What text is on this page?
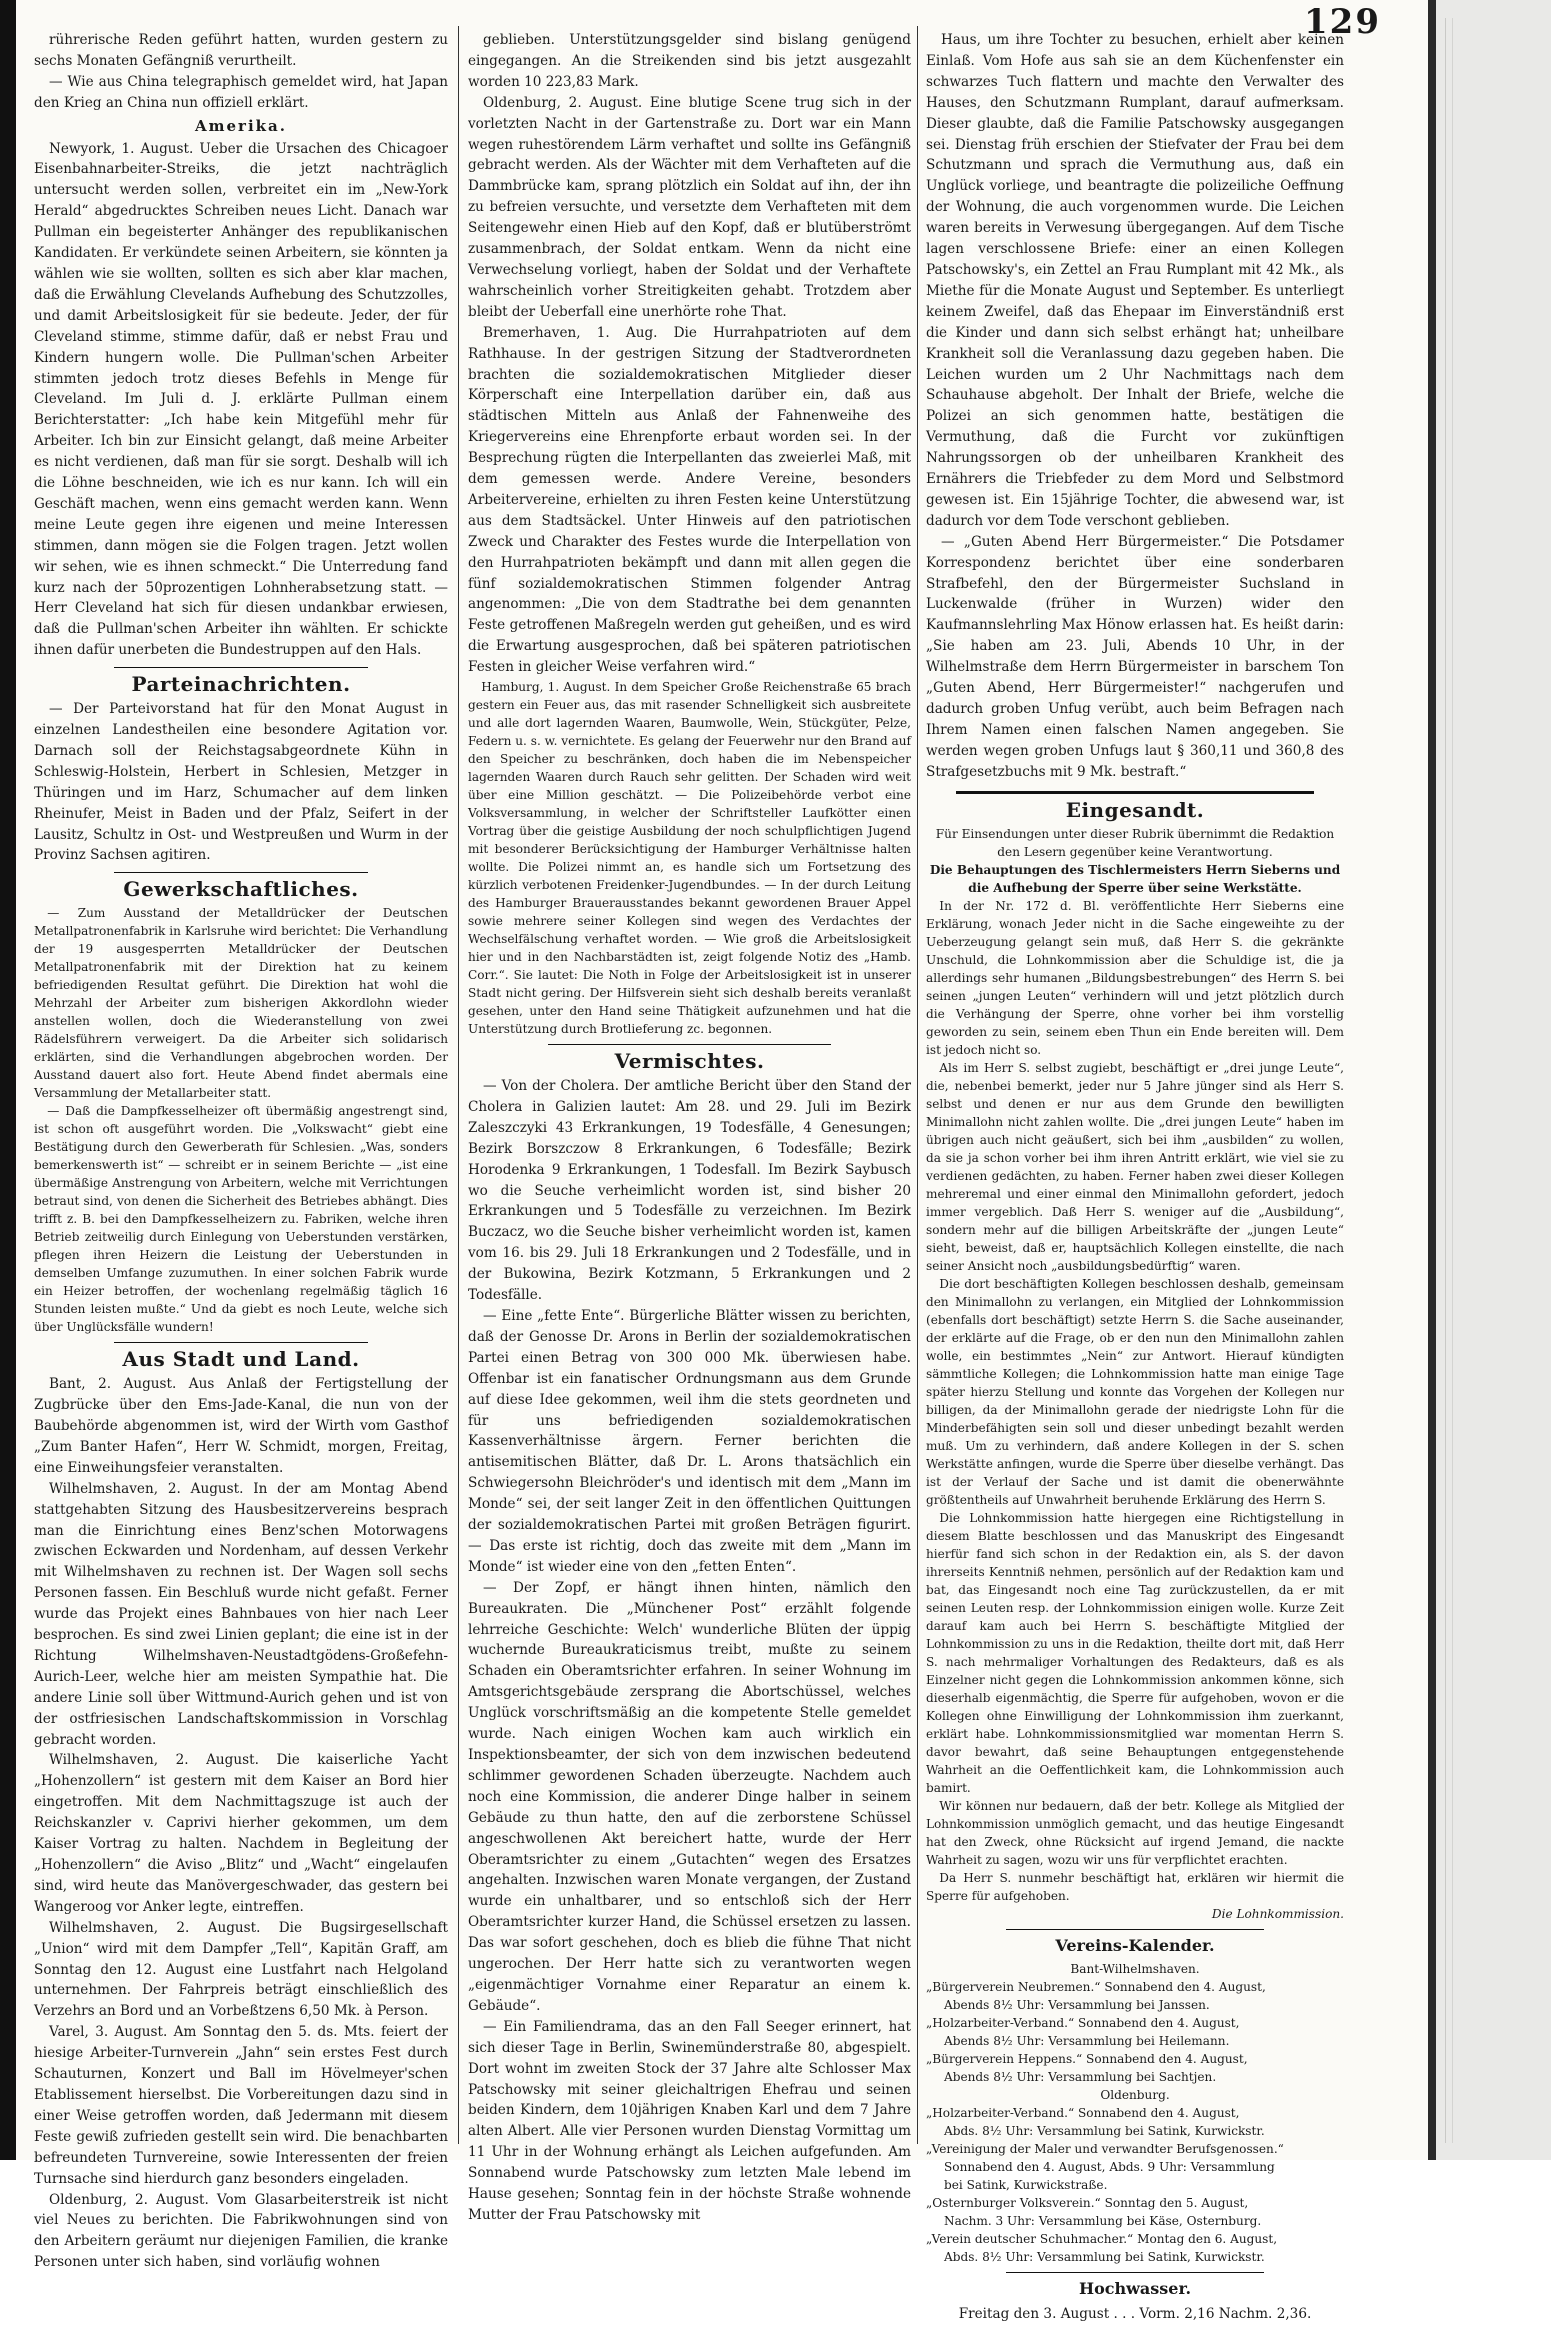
129

rührerische Reden geführt hatten, wurden gestern zu sechs Monaten Gefängniß verurtheilt.

— Wie aus China telegraphisch gemeldet wird, hat Japan den Krieg an China nun offiziell erklärt.

Amerika.

Newyork, 1. August. Ueber die Ursachen des Chicagoer Eisenbahnarbeiter-Streiks, die jetzt nachträglich untersucht werden sollen, verbreitet ein im „New-York Herald“ abgedrucktes Schreiben neues Licht. Danach war Pullman ein begeisterter Anhänger des republikanischen Kandidaten. Er verkündete seinen Arbeitern, sie könnten ja wählen wie sie wollten, sollten es sich aber klar machen, daß die Erwählung Clevelands Aufhebung des Schutzzolles, und damit Arbeitslosigkeit für sie bedeute. Jeder, der für Cleveland stimme, stimme dafür, daß er nebst Frau und Kindern hungern wolle. Die Pullman'schen Arbeiter stimmten jedoch trotz dieses Befehls in Menge für Cleveland. Im Juli d. J. erklärte Pullman einem Berichterstatter: „Ich habe kein Mitgefühl mehr für Arbeiter. Ich bin zur Einsicht gelangt, daß meine Arbeiter es nicht verdienen, daß man für sie sorgt. Deshalb will ich die Löhne beschneiden, wie ich es nur kann. Ich will ein Geschäft machen, wenn eins gemacht werden kann. Wenn meine Leute gegen ihre eigenen und meine Interessen stimmen, dann mögen sie die Folgen tragen. Jetzt wollen wir sehen, wie es ihnen schmeckt.“ Die Unterredung fand kurz nach der 50prozentigen Lohnherabsetzung statt. — Herr Cleveland hat sich für diesen undankbar erwiesen, daß die Pullman'schen Arbeiter ihn wählten. Er schickte ihnen dafür unerbeten die Bundestruppen auf den Hals.

Parteinachrichten.

— Der Parteivorstand hat für den Monat August in einzelnen Landestheilen eine besondere Agitation vor. Darnach soll der Reichstagsabgeordnete Kühn in Schleswig-Holstein, Herbert in Schlesien, Metzger in Thüringen und im Harz, Schumacher auf dem linken Rheinufer, Meist in Baden und der Pfalz, Seifert in der Lausitz, Schultz in Ost- und Westpreußen und Wurm in der Provinz Sachsen agitiren.

Gewerkschaftliches.

— Zum Ausstand der Metalldrücker der Deutschen Metallpatronenfabrik in Karlsruhe wird berichtet: Die Verhandlung der 19 ausgesperrten Metalldrücker der Deutschen Metallpatronenfabrik mit der Direktion hat zu keinem befriedigenden Resultat geführt. Die Direktion hat wohl die Mehrzahl der Arbeiter zum bisherigen Akkordlohn wieder anstellen wollen, doch die Wiederanstellung von zwei Rädelsführern verweigert. Da die Arbeiter sich solidarisch erklärten, sind die Verhandlungen abgebrochen worden. Der Ausstand dauert also fort. Heute Abend findet abermals eine Versammlung der Metallarbeiter statt.

— Daß die Dampfkesselheizer oft übermäßig angestrengt sind, ist schon oft ausgeführt worden. Die „Volkswacht“ giebt eine Bestätigung durch den Gewerberath für Schlesien. „Was, sonders bemerkenswerth ist“ — schreibt er in seinem Berichte — „ist eine übermäßige Anstrengung von Arbeitern, welche mit Verrichtungen betraut sind, von denen die Sicherheit des Betriebes abhängt. Dies trifft z. B. bei den Dampfkesselheizern zu. Fabriken, welche ihren Betrieb zeitweilig durch Einlegung von Ueberstunden verstärken, pflegen ihren Heizern die Leistung der Ueberstunden in demselben Umfange zuzumuthen. In einer solchen Fabrik wurde ein Heizer betroffen, der wochenlang regelmäßig täglich 16 Stunden leisten mußte.“ Und da giebt es noch Leute, welche sich über Unglücksfälle wundern!

Aus Stadt und Land.

Bant, 2. August. Aus Anlaß der Fertigstellung der Zugbrücke über den Ems-Jade-Kanal, die nun von der Baubehörde abgenommen ist, wird der Wirth vom Gasthof „Zum Banter Hafen“, Herr W. Schmidt, morgen, Freitag, eine Einweihungsfeier veranstalten.

Wilhelmshaven, 2. August. In der am Montag Abend stattgehabten Sitzung des Hausbesitzervereins besprach man die Einrichtung eines Benz'schen Motorwagens zwischen Eckwarden und Nordenham, auf dessen Verkehr mit Wilhelmshaven zu rechnen ist. Der Wagen soll sechs Personen fassen. Ein Beschluß wurde nicht gefaßt. Ferner wurde das Projekt eines Bahnbaues von hier nach Leer besprochen. Es sind zwei Linien geplant; die eine ist in der Richtung Wilhelmshaven-Neustadtgödens-Großefehn-Aurich-Leer, welche hier am meisten Sympathie hat. Die andere Linie soll über Wittmund-Aurich gehen und ist von der ostfriesischen Landschaftskommission in Vorschlag gebracht worden.

Wilhelmshaven, 2. August. Die kaiserliche Yacht „Hohenzollern“ ist gestern mit dem Kaiser an Bord hier eingetroffen. Mit dem Nachmittagszuge ist auch der Reichskanzler v. Caprivi hierher gekommen, um dem Kaiser Vortrag zu halten. Nachdem in Begleitung der „Hohenzollern“ die Aviso „Blitz“ und „Wacht“ eingelaufen sind, wird heute das Manövergeschwader, das gestern bei Wangeroog vor Anker legte, eintreffen.

Wilhelmshaven, 2. August. Die Bugsirgesellschaft „Union“ wird mit dem Dampfer „Tell“, Kapitän Graff, am Sonntag den 12. August eine Lustfahrt nach Helgoland unternehmen. Der Fahrpreis beträgt einschließlich des Verzehrs an Bord und an Vorbeßtzens 6,50 Mk. à Person.

Varel, 3. August. Am Sonntag den 5. ds. Mts. feiert der hiesige Arbeiter-Turnverein „Jahn“ sein erstes Fest durch Schauturnen, Konzert und Ball im Hövelmeyer'schen Etablissement hierselbst. Die Vorbereitungen dazu sind in einer Weise getroffen worden, daß Jedermann mit diesem Feste gewiß zufrieden gestellt sein wird. Die benachbarten befreundeten Turnvereine, sowie Interessenten der freien Turnsache sind hierdurch ganz besonders eingeladen.

Oldenburg, 2. August. Vom Glasarbeiterstreik ist nicht viel Neues zu berichten. Die Fabrikwohnungen sind von den Arbeitern geräumt nur diejenigen Familien, die kranke Personen unter sich haben, sind vorläufig wohnen

geblieben. Unterstützungsgelder sind bislang genügend eingegangen. An die Streikenden sind bis jetzt ausgezahlt worden 10 223,83 Mark.

Oldenburg, 2. August. Eine blutige Scene trug sich in der vorletzten Nacht in der Gartenstraße zu. Dort war ein Mann wegen ruhestörendem Lärm verhaftet und sollte ins Gefängniß gebracht werden. Als der Wächter mit dem Verhafteten auf die Dammbrücke kam, sprang plötzlich ein Soldat auf ihn, der ihn zu befreien versuchte, und versetzte dem Verhafteten mit dem Seitengewehr einen Hieb auf den Kopf, daß er blutüberströmt zusammenbrach, der Soldat entkam. Wenn da nicht eine Verwechselung vorliegt, haben der Soldat und der Verhaftete wahrscheinlich vorher Streitigkeiten gehabt. Trotzdem aber bleibt der Ueberfall eine unerhörte rohe That.

Bremerhaven, 1. Aug. Die Hurrahpatrioten auf dem Rathhause. In der gestrigen Sitzung der Stadtverordneten brachten die sozialdemokratischen Mitglieder dieser Körperschaft eine Interpellation darüber ein, daß aus städtischen Mitteln aus Anlaß der Fahnenweihe des Kriegervereins eine Ehrenpforte erbaut worden sei. In der Besprechung rügten die Interpellanten das zweierlei Maß, mit dem gemessen werde. Andere Vereine, besonders Arbeitervereine, erhielten zu ihren Festen keine Unterstützung aus dem Stadtsäckel. Unter Hinweis auf den patriotischen Zweck und Charakter des Festes wurde die Interpellation von den Hurrahpatrioten bekämpft und dann mit allen gegen die fünf sozialdemokratischen Stimmen folgender Antrag angenommen: „Die von dem Stadtrathe bei dem genannten Feste getroffenen Maßregeln werden gut geheißen, und es wird die Erwartung ausgesprochen, daß bei späteren patriotischen Festen in gleicher Weise verfahren wird.“

Hamburg, 1. August. In dem Speicher Große Reichenstraße 65 brach gestern ein Feuer aus, das mit rasender Schnelligkeit sich ausbreitete und alle dort lagernden Waaren, Baumwolle, Wein, Stückgüter, Pelze, Federn u. s. w. vernichtete. Es gelang der Feuerwehr nur den Brand auf den Speicher zu beschränken, doch haben die im Nebenspeicher lagernden Waaren durch Rauch sehr gelitten. Der Schaden wird weit über eine Million geschätzt. — Die Polizeibehörde verbot eine Volksversammlung, in welcher der Schriftsteller Laufkötter einen Vortrag über die geistige Ausbildung der noch schulpflichtigen Jugend mit besonderer Berücksichtigung der Hamburger Verhältnisse halten wollte. Die Polizei nimmt an, es handle sich um Fortsetzung des kürzlich verbotenen Freidenker-Jugendbundes. — In der durch Leitung des Hamburger Brauerausstandes bekannt gewordenen Brauer Appel sowie mehrere seiner Kollegen sind wegen des Verdachtes der Wechselfälschung verhaftet worden. — Wie groß die Arbeitslosigkeit hier und in den Nachbarstädten ist, zeigt folgende Notiz des „Hamb. Corr.“. Sie lautet: Die Noth in Folge der Arbeitslosigkeit ist in unserer Stadt nicht gering. Der Hilfsverein sieht sich deshalb bereits veranlaßt gesehen, unter den Hand seine Thätigkeit aufzunehmen und hat die Unterstützung durch Brotlieferung zc. begonnen.

Vermischtes.

— Von der Cholera. Der amtliche Bericht über den Stand der Cholera in Galizien lautet: Am 28. und 29. Juli im Bezirk Zaleszczyki 43 Erkrankungen, 19 Todesfälle, 4 Genesungen; Bezirk Borszczow 8 Erkrankungen, 6 Todesfälle; Bezirk Horodenka 9 Erkrankungen, 1 Todesfall. Im Bezirk Saybusch wo die Seuche verheimlicht worden ist, sind bisher 20 Erkrankungen und 5 Todesfälle zu verzeichnen. Im Bezirk Buczacz, wo die Seuche bisher verheimlicht worden ist, kamen vom 16. bis 29. Juli 18 Erkrankungen und 2 Todesfälle, und in der Bukowina, Bezirk Kotzmann, 5 Erkrankungen und 2 Todesfälle.

— Eine „fette Ente“. Bürgerliche Blätter wissen zu berichten, daß der Genosse Dr. Arons in Berlin der sozialdemokratischen Partei einen Betrag von 300 000 Mk. überwiesen habe. Offenbar ist ein fanatischer Ordnungsmann aus dem Grunde auf diese Idee gekommen, weil ihm die stets geordneten und für uns befriedigenden sozialdemokratischen Kassenverhältnisse ärgern. Ferner berichten die antisemitischen Blätter, daß Dr. L. Arons thatsächlich ein Schwiegersohn Bleichröder's und identisch mit dem „Mann im Monde“ sei, der seit langer Zeit in den öffentlichen Quittungen der sozialdemokratischen Partei mit großen Beträgen figurirt. — Das erste ist richtig, doch das zweite mit dem „Mann im Monde“ ist wieder eine von den „fetten Enten“.

— Der Zopf, er hängt ihnen hinten, nämlich den Bureaukraten. Die „Münchener Post“ erzählt folgende lehrreiche Geschichte: Welch' wunderliche Blüten der üppig wuchernde Bureaukraticismus treibt, mußte zu seinem Schaden ein Oberamtsrichter erfahren. In seiner Wohnung im Amtsgerichtsgebäude zersprang die Abortschüssel, welches Unglück vorschriftsmäßig an die kompetente Stelle gemeldet wurde. Nach einigen Wochen kam auch wirklich ein Inspektionsbeamter, der sich von dem inzwischen bedeutend schlimmer gewordenen Schaden überzeugte. Nachdem auch noch eine Kommission, die anderer Dinge halber in seinem Gebäude zu thun hatte, den auf die zerborstene Schüssel angeschwollenen Akt bereichert hatte, wurde der Herr Oberamtsrichter zu einem „Gutachten“ wegen des Ersatzes angehalten. Inzwischen waren Monate vergangen, der Zustand wurde ein unhaltbarer, und so entschloß sich der Herr Oberamtsrichter kurzer Hand, die Schüssel ersetzen zu lassen. Das war sofort geschehen, doch es blieb die fühne That nicht ungerochen. Der Herr hatte sich zu verantworten wegen „eigenmächtiger Vornahme einer Reparatur an einem k. Gebäude“.

— Ein Familiendrama, das an den Fall Seeger erinnert, hat sich dieser Tage in Berlin, Swinemünderstraße 80, abgespielt. Dort wohnt im zweiten Stock der 37 Jahre alte Schlosser Max Patschowsky mit seiner gleichaltrigen Ehefrau und seinen beiden Kindern, dem 10jährigen Knaben Karl und dem 7 Jahre alten Albert. Alle vier Personen wurden Dienstag Vormittag um 11 Uhr in der Wohnung erhängt als Leichen aufgefunden. Am Sonnabend wurde Patschowsky zum letzten Male lebend im Hause gesehen; Sonntag fein in der höchste Straße wohnende Mutter der Frau Patschowsky mit

Haus, um ihre Tochter zu besuchen, erhielt aber keinen Einlaß. Vom Hofe aus sah sie an dem Küchenfenster ein schwarzes Tuch flattern und machte den Verwalter des Hauses, den Schutzmann Rumplant, darauf aufmerksam. Dieser glaubte, daß die Familie Patschowsky ausgegangen sei. Dienstag früh erschien der Stiefvater der Frau bei dem Schutzmann und sprach die Vermuthung aus, daß ein Unglück vorliege, und beantragte die polizeiliche Oeffnung der Wohnung, die auch vorgenommen wurde. Die Leichen waren bereits in Verwesung übergegangen. Auf dem Tische lagen verschlossene Briefe: einer an einen Kollegen Patschowsky's, ein Zettel an Frau Rumplant mit 42 Mk., als Miethe für die Monate August und September. Es unterliegt keinem Zweifel, daß das Ehepaar im Einverständniß erst die Kinder und dann sich selbst erhängt hat; unheilbare Krankheit soll die Veranlassung dazu gegeben haben. Die Leichen wurden um 2 Uhr Nachmittags nach dem Schauhause abgeholt. Der Inhalt der Briefe, welche die Polizei an sich genommen hatte, bestätigen die Vermuthung, daß die Furcht vor zukünftigen Nahrungssorgen ob der unheilbaren Krankheit des Ernährers die Triebfeder zu dem Mord und Selbstmord gewesen ist. Ein 15jährige Tochter, die abwesend war, ist dadurch vor dem Tode verschont geblieben.

— „Guten Abend Herr Bürgermeister.“ Die Potsdamer Korrespondenz berichtet über eine sonderbaren Strafbefehl, den der Bürgermeister Suchsland in Luckenwalde (früher in Wurzen) wider den Kaufmannslehrling Max Hönow erlassen hat. Es heißt darin: „Sie haben am 23. Juli, Abends 10 Uhr, in der Wilhelmstraße dem Herrn Bürgermeister in barschem Ton „Guten Abend, Herr Bürgermeister!“ nachgerufen und dadurch groben Unfug verübt, auch beim Befragen nach Ihrem Namen einen falschen Namen angegeben. Sie werden wegen groben Unfugs laut § 360,11 und 360,8 des Strafgesetzbuchs mit 9 Mk. bestraft.“

Eingesandt.

Für Einsendungen unter dieser Rubrik übernimmt die Redaktion den Lesern gegenüber keine Verantwortung.

Die Behauptungen des Tischlermeisters Herrn Sieberns und die Aufhebung der Sperre über seine Werkstätte.

In der Nr. 172 d. Bl. veröffentlichte Herr Sieberns eine Erklärung, wonach Jeder nicht in die Sache eingeweihte zu der Ueberzeugung gelangt sein muß, daß Herr S. die gekränkte Unschuld, die Lohnkommission aber die Schuldige ist, die ja allerdings sehr humanen „Bildungsbestrebungen“ des Herrn S. bei seinen „jungen Leuten“ verhindern will und jetzt plötzlich durch die Verhängung der Sperre, ohne vorher bei ihm vorstellig geworden zu sein, seinem eben Thun ein Ende bereiten will. Dem ist jedoch nicht so.

Als im Herr S. selbst zugiebt, beschäftigt er „drei junge Leute“, die, nebenbei bemerkt, jeder nur 5 Jahre jünger sind als Herr S. selbst und denen er nur aus dem Grunde den bewilligten Minimallohn nicht zahlen wollte. Die „drei jungen Leute“ haben im übrigen auch nicht geäußert, sich bei ihm „ausbilden“ zu wollen, da sie ja schon vorher bei ihm ihren Antritt erklärt, wie viel sie zu verdienen gedächten, zu haben. Ferner haben zwei dieser Kollegen mehreremal und einer einmal den Minimallohn gefordert, jedoch immer vergeblich. Daß Herr S. weniger auf die „Ausbildung“, sondern mehr auf die billigen Arbeitskräfte der „jungen Leute“ sieht, beweist, daß er, hauptsächlich Kollegen einstellte, die nach seiner Ansicht noch „ausbildungsbedürftig“ waren.

Die dort beschäftigten Kollegen beschlossen deshalb, gemeinsam den Minimallohn zu verlangen, ein Mitglied der Lohnkommission (ebenfalls dort beschäftigt) setzte Herrn S. die Sache auseinander, der erklärte auf die Frage, ob er den nun den Minimallohn zahlen wolle, ein bestimmtes „Nein“ zur Antwort. Hierauf kündigten sämmtliche Kollegen; die Lohnkommission hatte man einige Tage später hierzu Stellung und konnte das Vorgehen der Kollegen nur billigen, da der Minimallohn gerade der niedrigste Lohn für die Minderbefähigten sein soll und dieser unbedingt bezahlt werden muß. Um zu verhindern, daß andere Kollegen in der S. schen Werkstätte anfingen, wurde die Sperre über dieselbe verhängt. Das ist der Verlauf der Sache und ist damit die obenerwähnte größtentheils auf Unwahrheit beruhende Erklärung des Herrn S.

Die Lohnkommission hatte hiergegen eine Richtigstellung in diesem Blatte beschlossen und das Manuskript des Eingesandt hierfür fand sich schon in der Redaktion ein, als S. der davon ihrerseits Kenntniß nehmen, persönlich auf der Redaktion kam und bat, das Eingesandt noch eine Tag zurückzustellen, da er mit seinen Leuten resp. der Lohnkommission einigen wolle. Kurze Zeit darauf kam auch bei Herrn S. beschäftigte Mitglied der Lohnkommission zu uns in die Redaktion, theilte dort mit, daß Herr S. nach mehrmaliger Vorhaltungen des Redakteurs, daß es als Einzelner nicht gegen die Lohnkommission ankommen könne, sich dieserhalb eigenmächtig, die Sperre für aufgehoben, wovon er die Kollegen ohne Einwilligung der Lohnkommission ihm zuerkannt, erklärt habe. Lohnkommissionsmitglied war momentan Herrn S. davor bewahrt, daß seine Behauptungen entgegenstehende Wahrheit an die Oeffentlichkeit kam, die Lohnkommission auch bamirt.

Wir können nur bedauern, daß der betr. Kollege als Mitglied der Lohnkommission unmöglich gemacht, und das heutige Eingesandt hat den Zweck, ohne Rücksicht auf irgend Jemand, die nackte Wahrheit zu sagen, wozu wir uns für verpflichtet erachten.

Da Herr S. nunmehr beschäftigt hat, erklären wir hiermit die Sperre für aufgehoben.

Die Lohnkommission.

Vereins-Kalender.

Bant-Wilhelmshaven.

„Bürgerverein Neubremen.“ Sonnabend den 4. August,

Abends 8½ Uhr: Versammlung bei Janssen.

„Holzarbeiter-Verband.“ Sonnabend den 4. August,

Abends 8½ Uhr: Versammlung bei Heilemann.

„Bürgerverein Heppens.“ Sonnabend den 4. August,

Abends 8½ Uhr: Versammlung bei Sachtjen.

Oldenburg.

„Holzarbeiter-Verband.“ Sonnabend den 4. August,

Abds. 8½ Uhr: Versammlung bei Satink, Kurwickstr.

„Vereinigung der Maler und verwandter Berufsgenossen.“

Sonnabend den 4. August, Abds. 9 Uhr: Versammlung

bei Satink, Kurwickstraße.

„Osternburger Volksverein.“ Sonntag den 5. August,

Nachm. 3 Uhr: Versammlung bei Käse, Osternburg.

„Verein deutscher Schuhmacher.“ Montag den 6. August,

Abds. 8½ Uhr: Versammlung bei Satink, Kurwickstr.

Hochwasser.

Freitag den 3. August . . . Vorm. 2,16 Nachm. 2,36.
